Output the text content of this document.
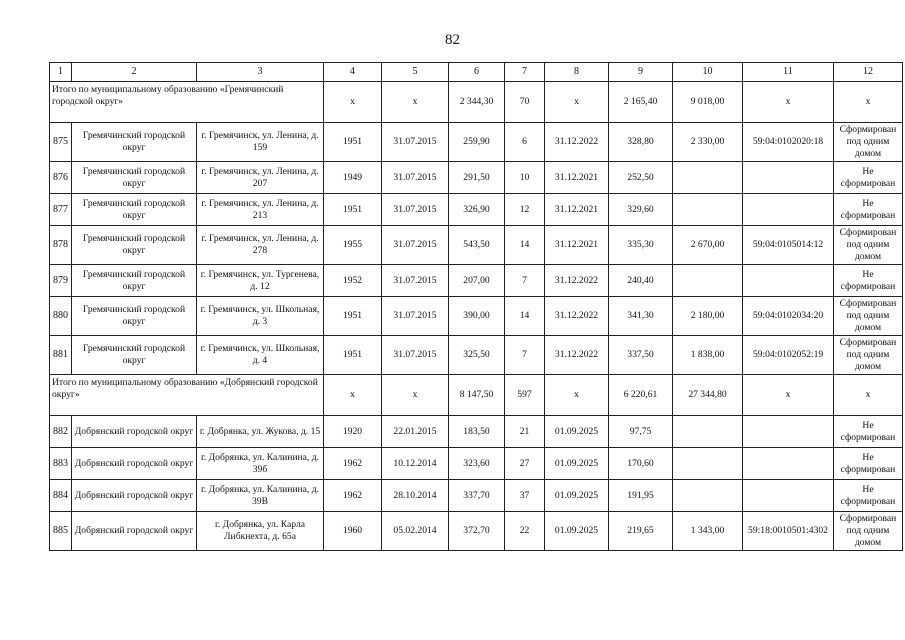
82
1	2	3	4	5	6	7	8	9	10	11	12
Итого по муниципальному образованию «Гремячинский городской округ»			х	х	2 344,30	70	х	2 165,40	9 018,00	х	х
875	Гремячинский городской округ	г. Гремячинск, ул. Ленина, д. 159	1951	31.07.2015	259,90	6	31.12.2022	328,80	2 330,00	59:04:0102020:18	Сформирован под одним домом
876	Гремячинский городской округ	г. Гремячинск, ул. Ленина, д. 207	1949	31.07.2015	291,50	10	31.12.2021	252,50			Не сформирован
877	Гремячинский городской округ	г. Гремячинск, ул. Ленина, д. 213	1951	31.07.2015	326,90	12	31.12.2021	329,60			Не сформирован
878	Гремячинский городской округ	г. Гремячинск, ул. Ленина, д. 278	1955	31.07.2015	543,50	14	31.12.2021	335,30	2 670,00	59:04:0105014:12	Сформирован под одним домом
879	Гремячинский городской округ	г. Гремячинск, ул. Тургенева, д. 12	1952	31.07.2015	207,00	7	31.12.2022	240,40			Не сформирован
880	Гремячинский городской округ	г. Гремячинск, ул. Школьная, д. 3	1951	31.07.2015	390,00	14	31.12.2022	341,30	2 180,00	59:04:0102034:20	Сформирован под одним домом
881	Гремячинский городской округ	г. Гремячинск, ул. Школьная, д. 4	1951	31.07.2015	325,50	7	31.12.2022	337,50	1 838,00	59:04:0102052:19	Сформирован под одним домом
Итого по муниципальному образованию «Добрянский городской округ»			х	х	8 147,50	597	х	6 220,61	27 344,80	х	х
882	Добрянский городской округ	г. Добрянка, ул. Жукова, д. 15	1920	22.01.2015	183,50	21	01.09.2025	97,75			Не сформирован
883	Добрянский городской округ	г. Добрянка, ул. Калинина, д. 39б	1962	10.12.2014	323,60	27	01.09.2025	170,60			Не сформирован
884	Добрянский городской округ	г. Добрянка, ул. Калинина, д. 39В	1962	28.10.2014	337,70	37	01.09.2025	191,95			Не сформирован
885	Добрянский городской округ	г. Добрянка, ул. Карла Либкнехта, д. 65а	1960	05.02.2014	372,70	22	01.09.2025	219,65	1 343,00	59:18:0010501:4302	Сформирован под одним домом
